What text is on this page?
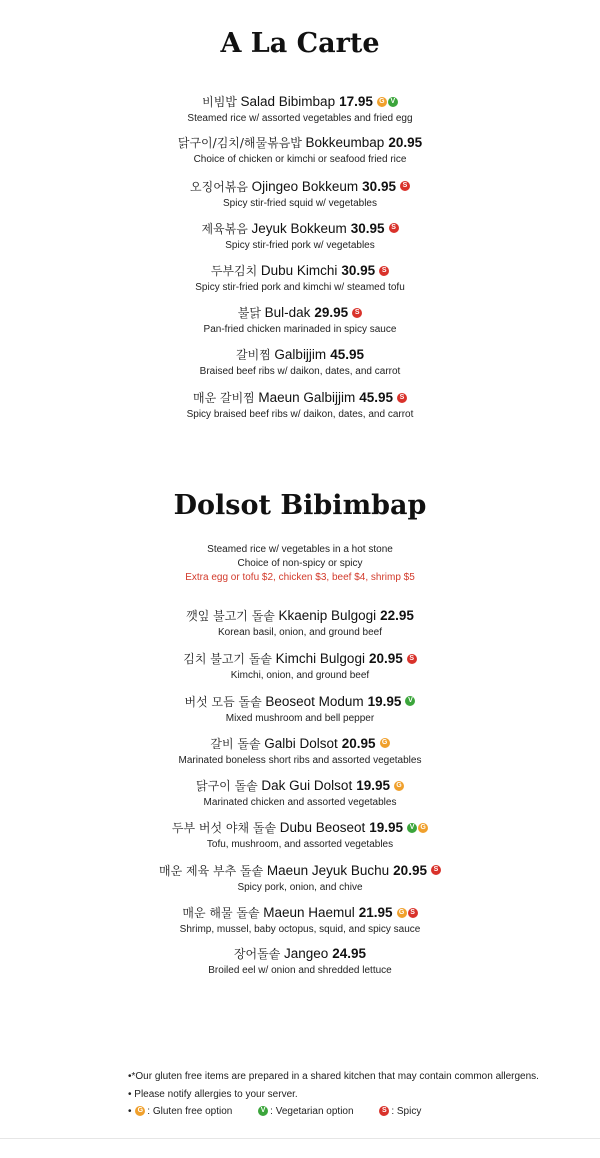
A La Carte
비빔밥 Salad Bibimbap 17.95 G V
Steamed rice w/ assorted vegetables and fried egg
닭구이/김치/해물볶음밥 Bokkeumbap 20.95
Choice of chicken or kimchi or seafood fried rice
오징어볶음 Ojingeo Bokkeum 30.95 S
Spicy stir-fried squid w/ vegetables
제육볶음 Jeyuk Bokkeum 30.95 S
Spicy stir-fried pork w/ vegetables
두부김치 Dubu Kimchi 30.95 S
Spicy stir-fried pork and kimchi w/ steamed tofu
불닭 Bul-dak 29.95 S
Pan-fried chicken marinaded in spicy sauce
갈비찜 Galbijjim 45.95
Braised beef ribs w/ daikon, dates, and carrot
매운 갈비찜 Maeun Galbijjim 45.95 S
Spicy braised beef ribs w/ daikon, dates, and carrot
Dolsot Bibimbap
Steamed rice w/ vegetables in a hot stone
Choice of non-spicy or spicy
Extra egg or tofu $2, chicken $3, beef $4, shrimp $5
깻잎 불고기 돌솥 Kkaenip Bulgogi 22.95
Korean basil, onion, and ground beef
김치 불고기 돌솥 Kimchi Bulgogi 20.95 S
Kimchi, onion, and ground beef
버섯 모듬 돌솥 Beoseot Modum 19.95 V
Mixed mushroom and bell pepper
갈비 돌솥 Galbi Dolsot 20.95 G
Marinated boneless short ribs and assorted vegetables
닭구이 돌솥 Dak Gui Dolsot 19.95 G
Marinated chicken and assorted vegetables
두부 버섯 야채 돌솥 Dubu Beoseot 19.95 V G
Tofu, mushroom, and assorted vegetables
매운 제육 부추 돌솥 Maeun Jeyuk Buchu 20.95 S
Spicy pork, onion, and chive
매운 해물 돌솥 Maeun Haemul 21.95 G S
Shrimp, mussel, baby octopus, squid, and spicy sauce
장어돌솥 Jangeo 24.95
Broiled eel w/ onion and shredded lettuce
•*Our gluten free items are prepared in a shared kitchen that may contain common allergens.
• Please notify allergies to your server.
• G : Gluten free option	V : Vegetarian option	S : Spicy
